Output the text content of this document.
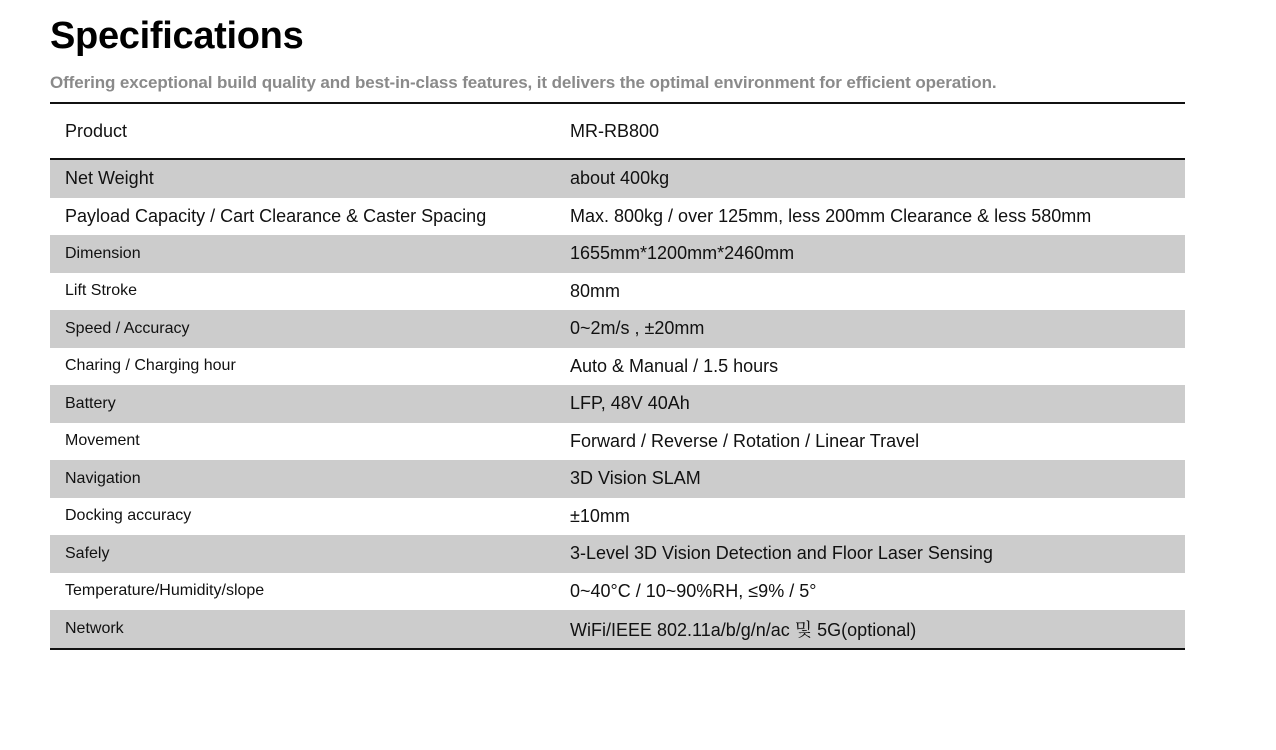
Specifications

Offering exceptional build quality and best-in-class features, it delivers the optimal environment for efficient operation.

Product	MR-RB800
Net Weight	about 400kg
Payload Capacity / Cart Clearance & Caster Spacing	Max. 800kg / over 125mm, less 200mm Clearance & less 580mm
Dimension	1655mm*1200mm*2460mm
Lift Stroke	80mm
Speed / Accuracy	0~2m/s , ±20mm
Charing / Charging hour	Auto & Manual / 1.5 hours
Battery	LFP, 48V 40Ah
Movement	Forward / Reverse / Rotation / Linear Travel
Navigation	3D Vision SLAM
Docking accuracy	±10mm
Safely	3-Level 3D Vision Detection and Floor Laser Sensing
Temperature/Humidity/slope	0~40°C / 10~90%RH, ≤9% / 5°
Network	WiFi/IEEE 802.11a/b/g/n/ac 및 5G(optional)
